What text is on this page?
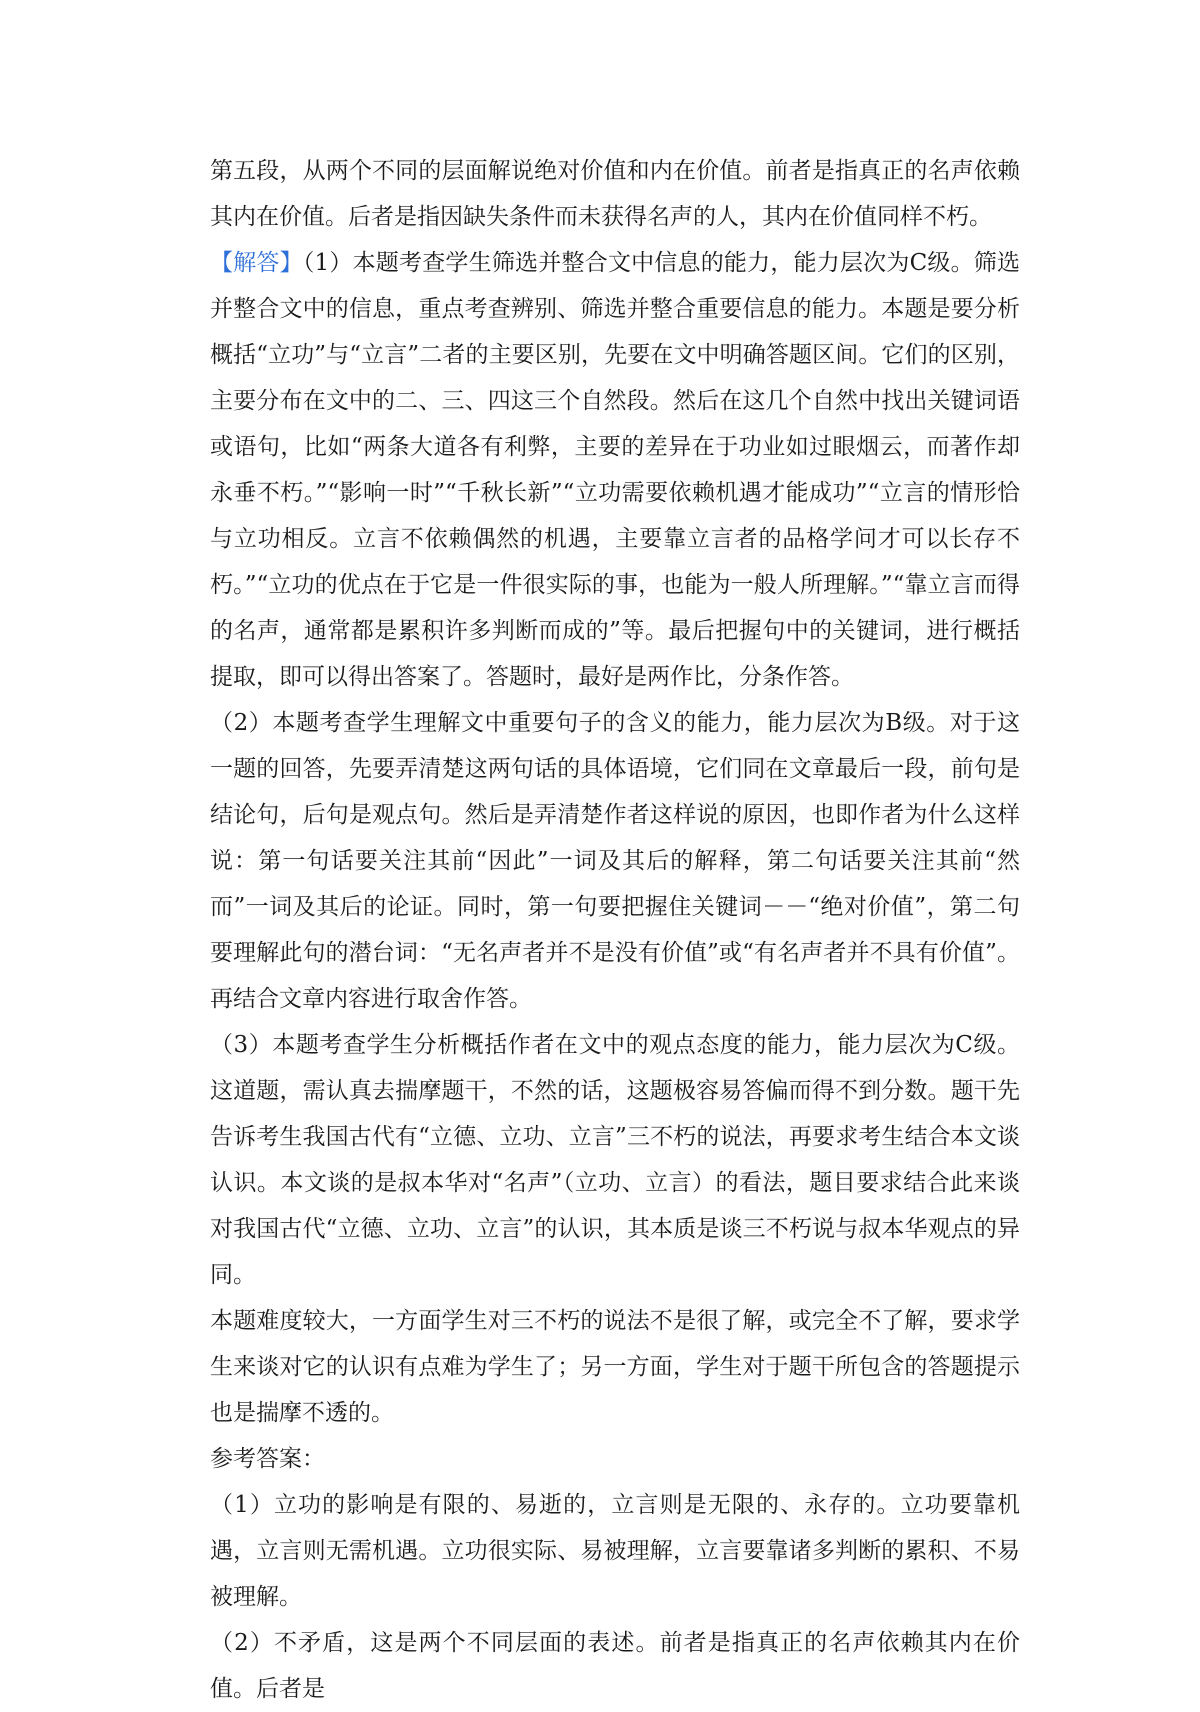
第五段，从两个不同的层面解说绝对价值和内在价值。前者是指真正的名声依赖其内在价值。后者是指因缺失条件而未获得名声的人，其内在价值同样不朽。

【解答】（1）本题考查学生筛选并整合文中信息的能力，能力层次为C级。筛选并整合文中的信息，重点考查辨别、筛选并整合重要信息的能力。本题是要分析概括“立功”与“立言”二者的主要区别，先要在文中明确答题区间。它们的区别，主要分布在文中的二、三、四这三个自然段。然后在这几个自然中找出关键词语或语句，比如“两条大道各有利弊，主要的差异在于功业如过眼烟云，而著作却永垂不朽。”“影响一时”“千秋长新”“立功需要依赖机遇才能成功”“立言的情形恰与立功相反。立言不依赖偶然的机遇，主要靠立言者的品格学问才可以长存不朽。”“立功的优点在于它是一件很实际的事，也能为一般人所理解。”“靠立言而得的名声，通常都是累积许多判断而成的”等。最后把握句中的关键词，进行概括提取，即可以得出答案了。答题时，最好是两作比，分条作答。

（2）本题考查学生理解文中重要句子的含义的能力，能力层次为B级。对于这一题的回答，先要弄清楚这两句话的具体语境，它们同在文章最后一段，前句是结论句，后句是观点句。然后是弄清楚作者这样说的原因，也即作者为什么这样说：第一句话要关注其前“因此”一词及其后的解释，第二句话要关注其前“然而”一词及其后的论证。同时，第一句要把握住关键词－－“绝对价值”，第二句要理解此句的潜台词：“无名声者并不是没有价值”或“有名声者并不具有价值”。再结合文章内容进行取舍作答。

（3）本题考查学生分析概括作者在文中的观点态度的能力，能力层次为C级。这道题，需认真去揣摩题干，不然的话，这题极容易答偏而得不到分数。题干先告诉考生我国古代有“立德、立功、立言”三不朽的说法，再要求考生结合本文谈认识。本文谈的是叔本华对“名声”（立功、立言）的看法，题目要求结合此来谈对我国古代“立德、立功、立言”的认识，其本质是谈三不朽说与叔本华观点的异同。

本题难度较大，一方面学生对三不朽的说法不是很了解，或完全不了解，要求学生来谈对它的认识有点难为学生了；另一方面，学生对于题干所包含的答题提示也是揣摩不透的。

参考答案：

（1）立功的影响是有限的、易逝的，立言则是无限的、永存的。立功要靠机遇，立言则无需机遇。立功很实际、易被理解，立言要靠诸多判断的累积、不易被理解。

（2）不矛盾，这是两个不同层面的表述。前者是指真正的名声依赖其内在价值。后者是
